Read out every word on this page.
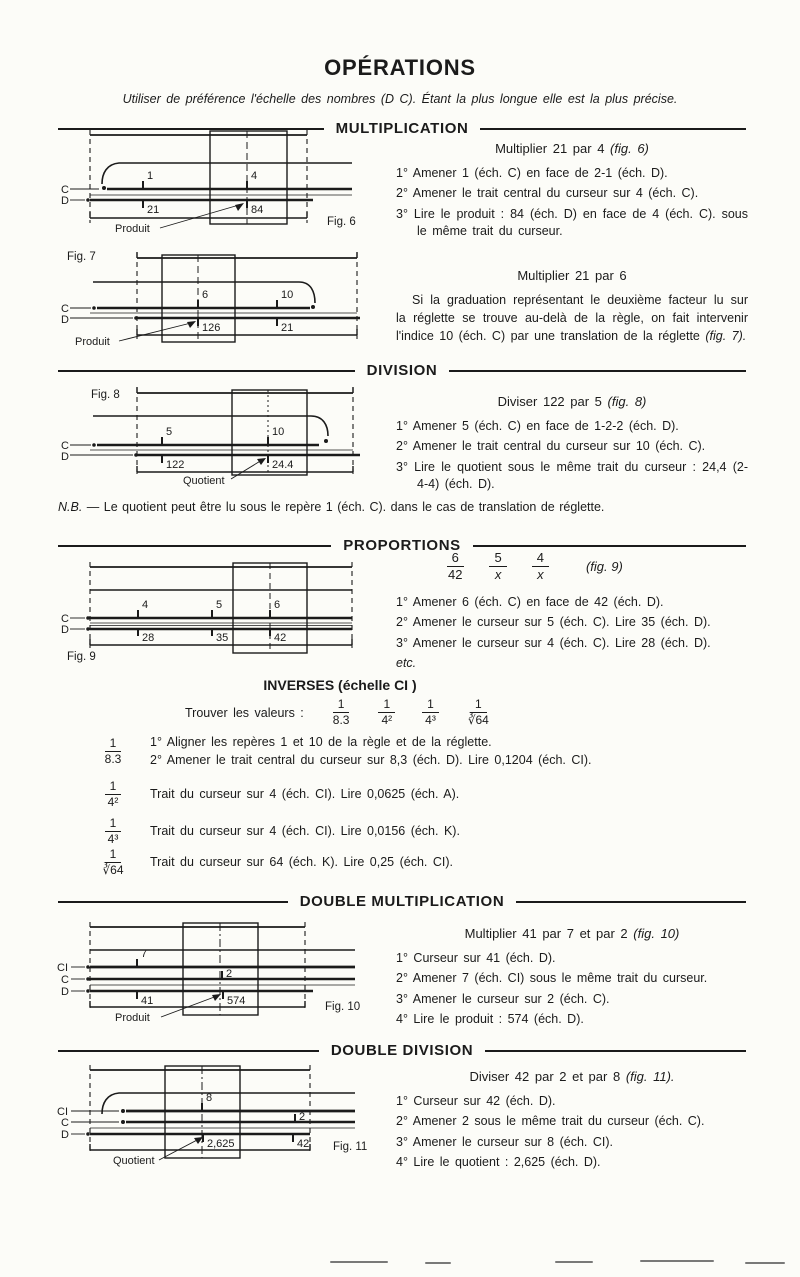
OPÉRATIONS

Utiliser de préférence l'échelle des nombres (D C). Étant la plus longue elle est la plus précise.

MULTIPLICATION
1	4
21	84
C
D
Produit
Fig. 6

Multiplier 21 par 4 (fig. 6)

1° Amener 1 (éch. C) en face de 2-1 (éch. D).

2° Amener le trait central du curseur sur 4 (éch. C).

3° Lire le produit : 84 (éch. D) en face de 4 (éch. C). sous le même trait du curseur.

Fig. 7
6	10
126	21
C
D
Produit

Multiplier 21 par 6

Si la graduation représentant le deuxième facteur lu sur la réglette se trouve au-delà de la règle, on fait intervenir l'indice 10 (éch. C) par une translation de la réglette (fig. 7).

DIVISION
Fig. 8
5	10
122	24.4
C
D
Quotient

Diviser 122 par 5 (fig. 8)

1° Amener 5 (éch. C) en face de 1-2-2 (éch. D).

2° Amener le trait central du curseur sur 10 (éch. C).

3° Lire le quotient sous le même trait du curseur : 24,4 (2-4-4) (éch. D).

N.B. — Le quotient peut être lu sous le repère 1 (éch. C). dans le cas de translation de réglette.

PROPORTIONS
4	5	6
28	35	42
C
D
Fig. 9
$\frac{6}{42} \frac{5}{x} \frac{4}{x}$	(fig. 9)

1° Amener 6 (éch. C) en face de 42 (éch. D).

2° Amener le curseur sur 5 (éch. C). Lire 35 (éch. D).

3° Amener le curseur sur 4 (éch. C). Lire 28 (éch. D).

etc.

INVERSES (échelle CI )

Trouver les valeurs : $\frac{1}{8.3} \frac{1}{\text{4²}} \frac{1}{\text{4³}} \frac{1}{∛64}$
$\frac{1}{8.3} 1^\circ$ Aligner les repères 1 et 10 de la règle et de la réglette.

2° Amener le trait central du curseur sur 8,3 (éch. D). Lire 0,1204 (éch. CI).

$\frac{1}{\text{4²}}$ Trait du curseur sur 4 (éch. CI). Lire 0,0625 (éch. A).

$\frac{1}{\text{4³}}$ Trait du curseur sur 4 (éch. CI). Lire 0,0156 (éch. K).

$\frac{1}{∛64}$ Trait du curseur sur 64 (éch. K). Lire 0,25 (éch. CI).

DOUBLE MULTIPLICATION
7
2
41	574
CI
C
D
Produit
Fig. 10

Multiplier 41 par 7 et par 2 (fig. 10)

1° Curseur sur 41 (éch. D).

2° Amener 7 (éch. CI) sous le même trait du curseur.

3° Amener le curseur sur 2 (éch. C).

4° Lire le produit : 574 (éch. D).

DOUBLE DIVISION
8
2
2,625	42
CI
C
D
Quotient
Fig. 11

Diviser 42 par 2 et par 8 (fig. 11).

1° Curseur sur 42 (éch. D).

2° Amener 2 sous le même trait du curseur (éch. C).

3° Amener le curseur sur 8 (éch. CI).

4° Lire le quotient : 2,625 (éch. D).
